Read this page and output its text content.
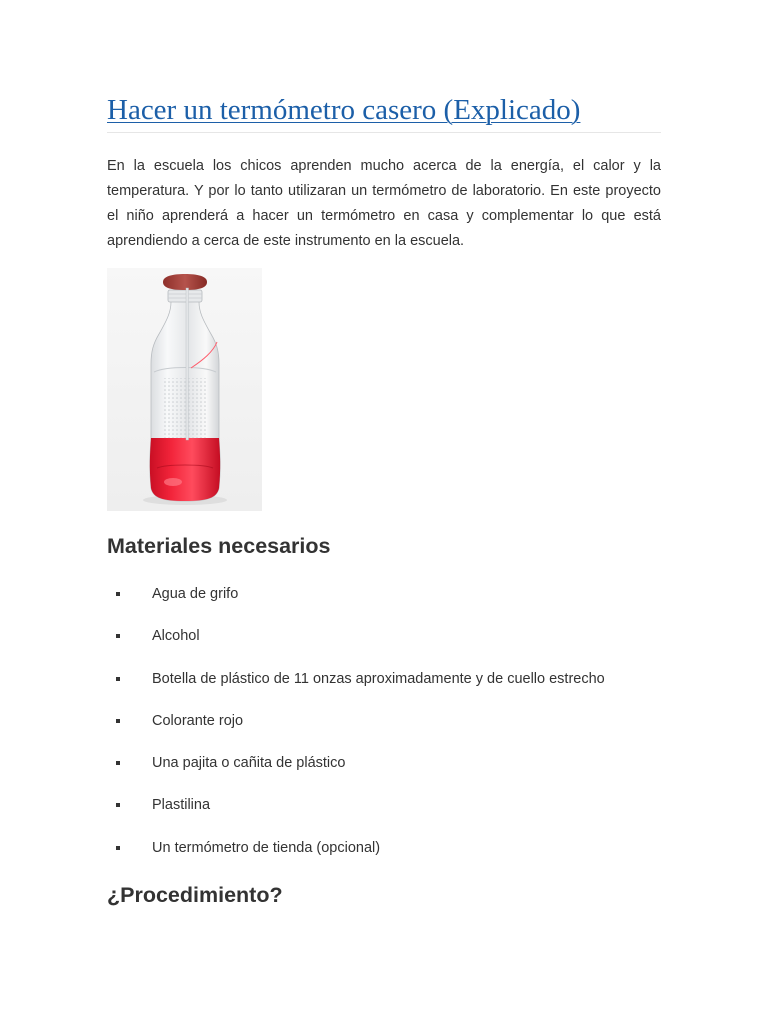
Hacer un termómetro casero (Explicado)

En la escuela los chicos aprenden mucho acerca de la energía, el calor y la temperatura. Y por lo tanto utilizaran un termómetro de laboratorio. En este proyecto el niño aprenderá a hacer un termómetro en casa y complementar lo que está aprendiendo a cerca de este instrumento en la escuela.

Materiales necesarios
Agua de grifo
Alcohol
Botella de plástico de 11 onzas aproximadamente y de cuello estrecho
Colorante rojo
Una pajita o cañita de plástico
Plastilina
Un termómetro de tienda (opcional)
¿Procedimiento?
